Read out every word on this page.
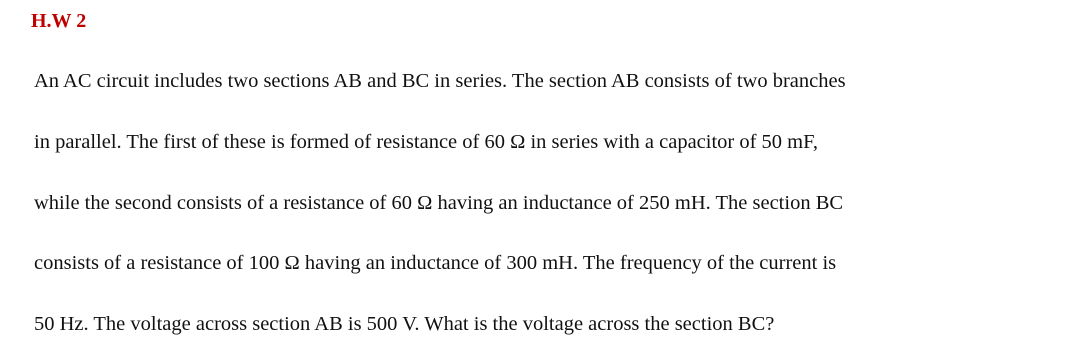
H.W 2
An AC circuit includes two sections AB and BC in series. The section AB consists of two branches
in parallel. The first of these is formed of resistance of 60 Ω in series with a capacitor of 50 mF,
while the second consists of a resistance of 60 Ω having an inductance of 250 mH. The section BC
consists of a resistance of 100 Ω having an inductance of 300 mH. The frequency of the current is
50 Hz. The voltage across section AB is 500 V. What is the voltage across the section BC?
